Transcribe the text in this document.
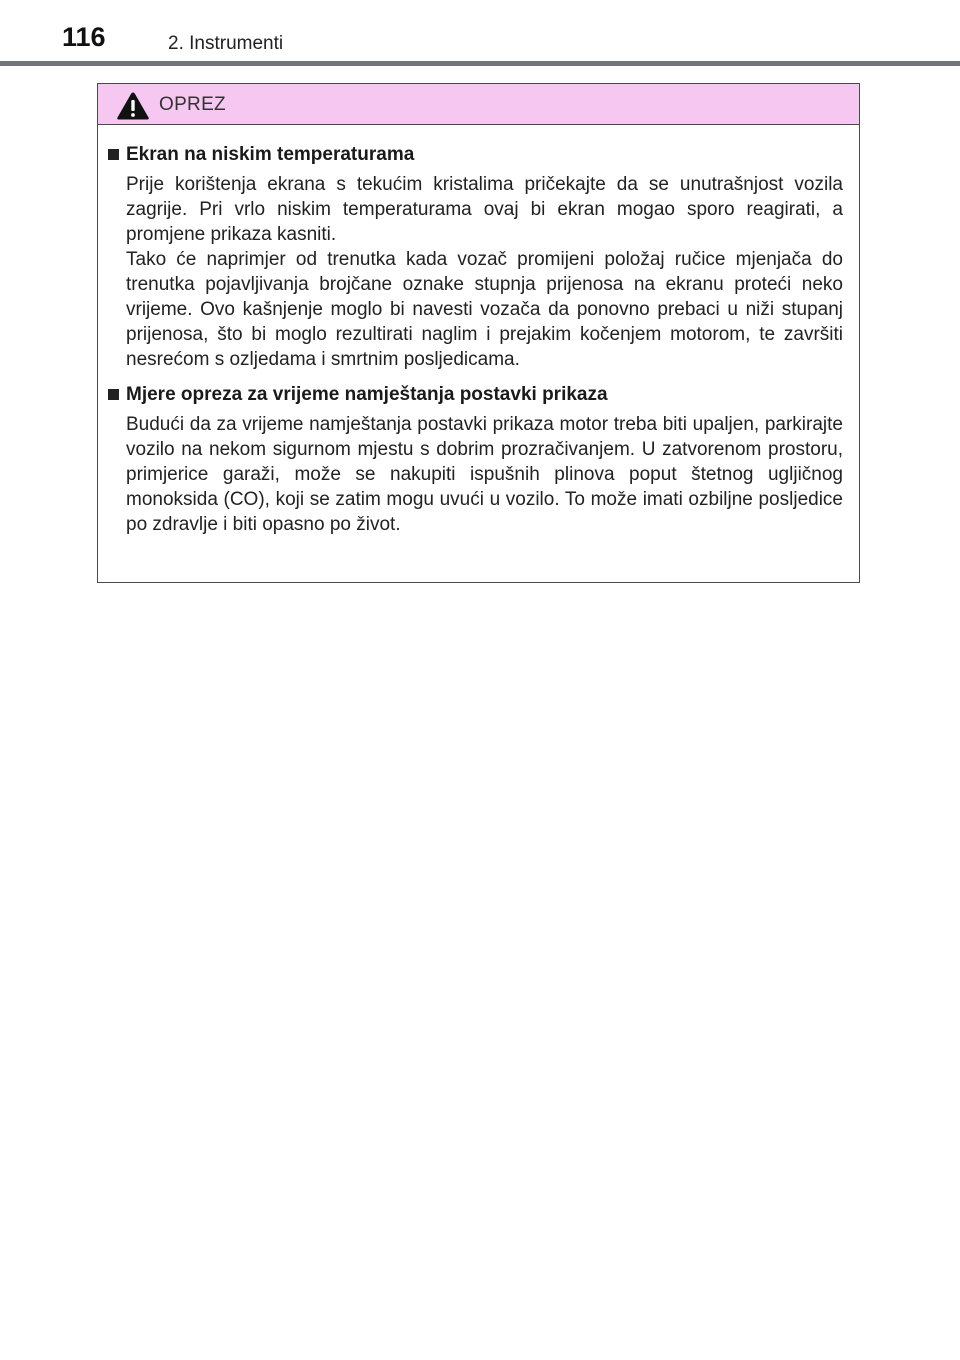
116	2. Instrumenti
OPREZ
Ekran na niskim temperaturama

Prije korištenja ekrana s tekućim kristalima pričekajte da se unutrašnjost vozila zagrije. Pri vrlo niskim temperaturama ovaj bi ekran mogao sporo reagirati, a promjene prikaza kasniti.

Tako će naprimjer od trenutka kada vozač promijeni položaj ručice mjenjača do trenutka pojavljivanja brojčane oznake stupnja prijenosa na ekranu proteći neko vrijeme. Ovo kašnjenje moglo bi navesti vozača da ponovno prebaci u niži stupanj prijenosa, što bi moglo rezultirati naglim i prejakim kočenjem motorom, te završiti nesrećom s ozljedama i smrtnim posljedicama.

Mjere opreza za vrijeme namještanja postavki prikaza

Budući da za vrijeme namještanja postavki prikaza motor treba biti upaljen, parkirajte vozilo na nekom sigurnom mjestu s dobrim prozračivanjem. U zatvorenom prostoru, primjerice garaži, može se nakupiti ispušnih plinova poput štetnog ugljičnog monoksida (CO), koji se zatim mogu uvući u vozilo. To može imati ozbiljne posljedice po zdravlje i biti opasno po život.
